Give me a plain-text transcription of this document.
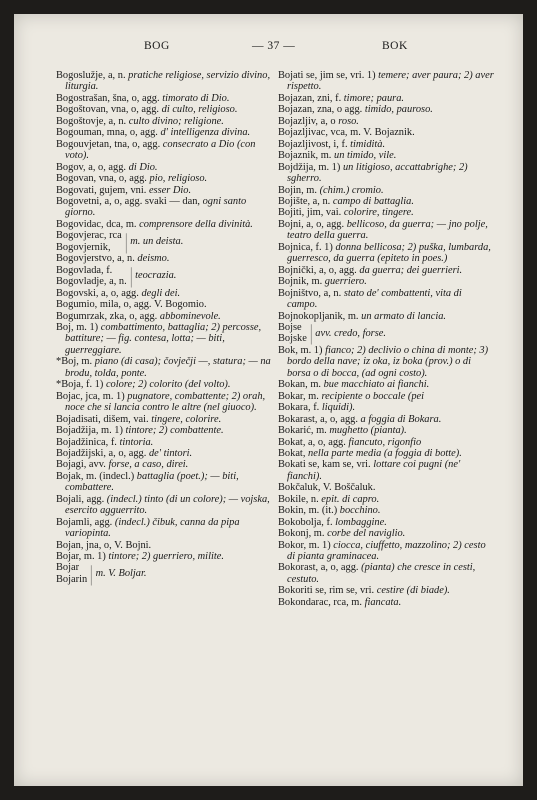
BOG	— 37 —	BOK
Bogoslužje, a, n. pratiche religiose, servizio divino, liturgia.
Bogostrašan, šna, o, agg. timorato di Dio.
Bogoštovan, vna, o, agg. di culto, religioso.
Bogoštovje, a, n. culto divino; religione.
Bogouman, mna, o, agg. d' intelligenza divina.
Bogouvjetan, tna, o, agg. consecrato a Dio (con voto).
Bogov, a, o, agg. di Dio.
Bogovan, vna, o, agg. pio, religioso.
Bogovati, gujem, vni. esser Dio.
Bogovetni, a, o, agg. svaki — dan, ogni santo giorno.
Bogovidac, dca, m. comprensore della divinità.
Bogovjerac, rca
Bogovjernik, | m. un deista.
Bogovjerstvo, a, n. deismo.
Bogovlada, f.
Bogovladje, a, n. | teocrazia.
Bogovski, a, o, agg. degli dei.
Bogumio, mila, o, agg. V. Bogomio.
Bogumrzak, zka, o, agg. abbominevole.
Boj, m. 1) combattimento, battaglia; 2) percosse, battiture; — fig. contesa, lotta; — biti, guerreggiare.
*Boj, m. piano (di casa); čovječji —, statura; — na brodu, tolda, ponte.
*Boja, f. 1) colore; 2) colorito (del volto).
Bojac, jca, m. 1) pugnatore, combattente; 2) orah, noce che si lancia contro le altre (nel giuoco).
Bojadisati, dišem, vai. tingere, colorire.
Bojadžija, m. 1) tintore; 2) combattente.
Bojadžinica, f. tintoria.
Bojadžijski, a, o, agg. de' tintori.
Bojagi, avv. forse, a caso, direi.
Bojak, m. (indecl.) battaglia (poet.); — biti, combattere.
Bojali, agg. (indecl.) tinto (di un colore); — vojska, esercito agguerrito.
Bojamli, agg. (indecl.) čibuk, canna da pipa variopinta.
Bojan, jna, o, V. Bojni.
Bojar, m. 1) tintore; 2) guerriero, milite.
Bojar
Bojarin | m. V. Boljar.
Bojati se, jim se, vri. 1) temere; aver paura; 2) aver rispetto.
Bojazan, zni, f. timore; paura.
Bojazan, zna, o agg. timido, pauroso.
Bojazljiv, a, o roso.
Bojazljivac, vca, m. V. Bojaznik.
Bojazljivost, i, f. timidità.
Bojaznik, m. un timido, vile.
Bojdžija, m. 1) un litigioso, accattabrighe; 2) sgherro.
Bojin, m. (chim.) cromio.
Bojište, a, n. campo di battaglia.
Bojiti, jim, vai. colorire, tingere.
Bojni, a, o, agg. bellicoso, da guerra; — jno polje, teatro della guerra.
Bojnica, f. 1) donna bellicosa; 2) puška, lumbarda, guerresco, da guerra (epiteto in poes.)
Bojnički, a, o, agg. da guerra; dei guerrieri.
Bojnik, m. guerriero.
Bojništvo, a, n. stato de' combattenti, vita di campo.
Bojnokopljanik, m. un armato di lancia.
Bojse
Bojske | avv. credo, forse.
Bok, m. 1) fianco; 2) declivio o china di monte; 3) bordo della nave; iz oka, iz boka (prov.) o di borsa o di bocca, (ad ogni costo).
Bokan, m. bue macchiato ai fianchi.
Bokar, m. recipiente o boccale (pei
Bokara, f. liquidi).
Bokarast, a, o, agg. a foggia di Bokara.
Bokarić, m. mughetto (pianta).
Bokat, a, o, agg. fiancuto, rigonfio
Bokat, nella parte media (a foggia di botte).
Bokati se, kam se, vri. lottare coi pugni (ne' fianchi).
Bokčaluk, V. Boščaluk.
Bokile, n. epit. di capro.
Bokin, m. (it.) bocchino.
Bokobolja, f. lombaggine.
Bokonj, m. corbe del naviglio.
Bokor, m. 1) ciocca, ciuffetto, mazzolino; 2) cesto di pianta graminacea.
Bokorast, a, o, agg. (pianta) che cresce in cesti, cestuto.
Bokoriti se, rim se, vri. cestire (di biade).
Bokondarac, rca, m. fiancata.
